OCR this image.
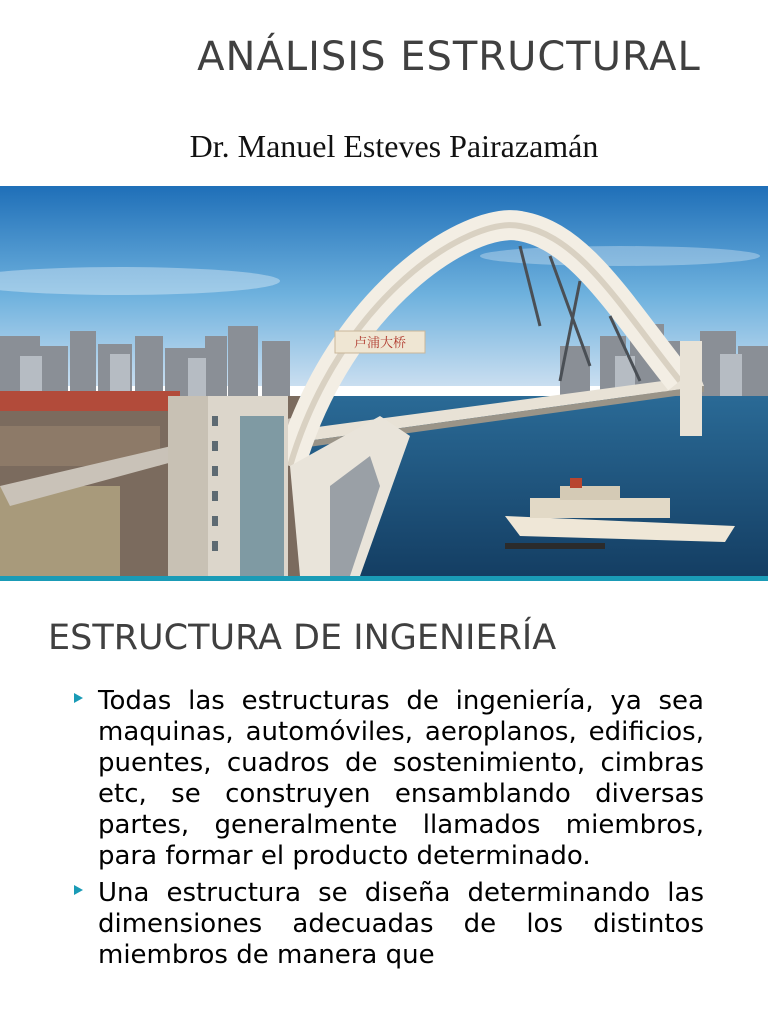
ANÁLISIS ESTRUCTURAL
Dr. Manuel Esteves Pairazamán
卢浦大桥
ESTRUCTURA DE INGENIERÍA

Todas las estructuras de ingeniería, ya sea maquinas, automóviles, aeroplanos, edificios, puentes, cuadros de sostenimiento, cimbras etc, se construyen ensamblando diversas partes, generalmente llamados miembros, para formar el producto determinado.

Una estructura se diseña determinando las dimensiones adecuadas de los distintos miembros de manera que
